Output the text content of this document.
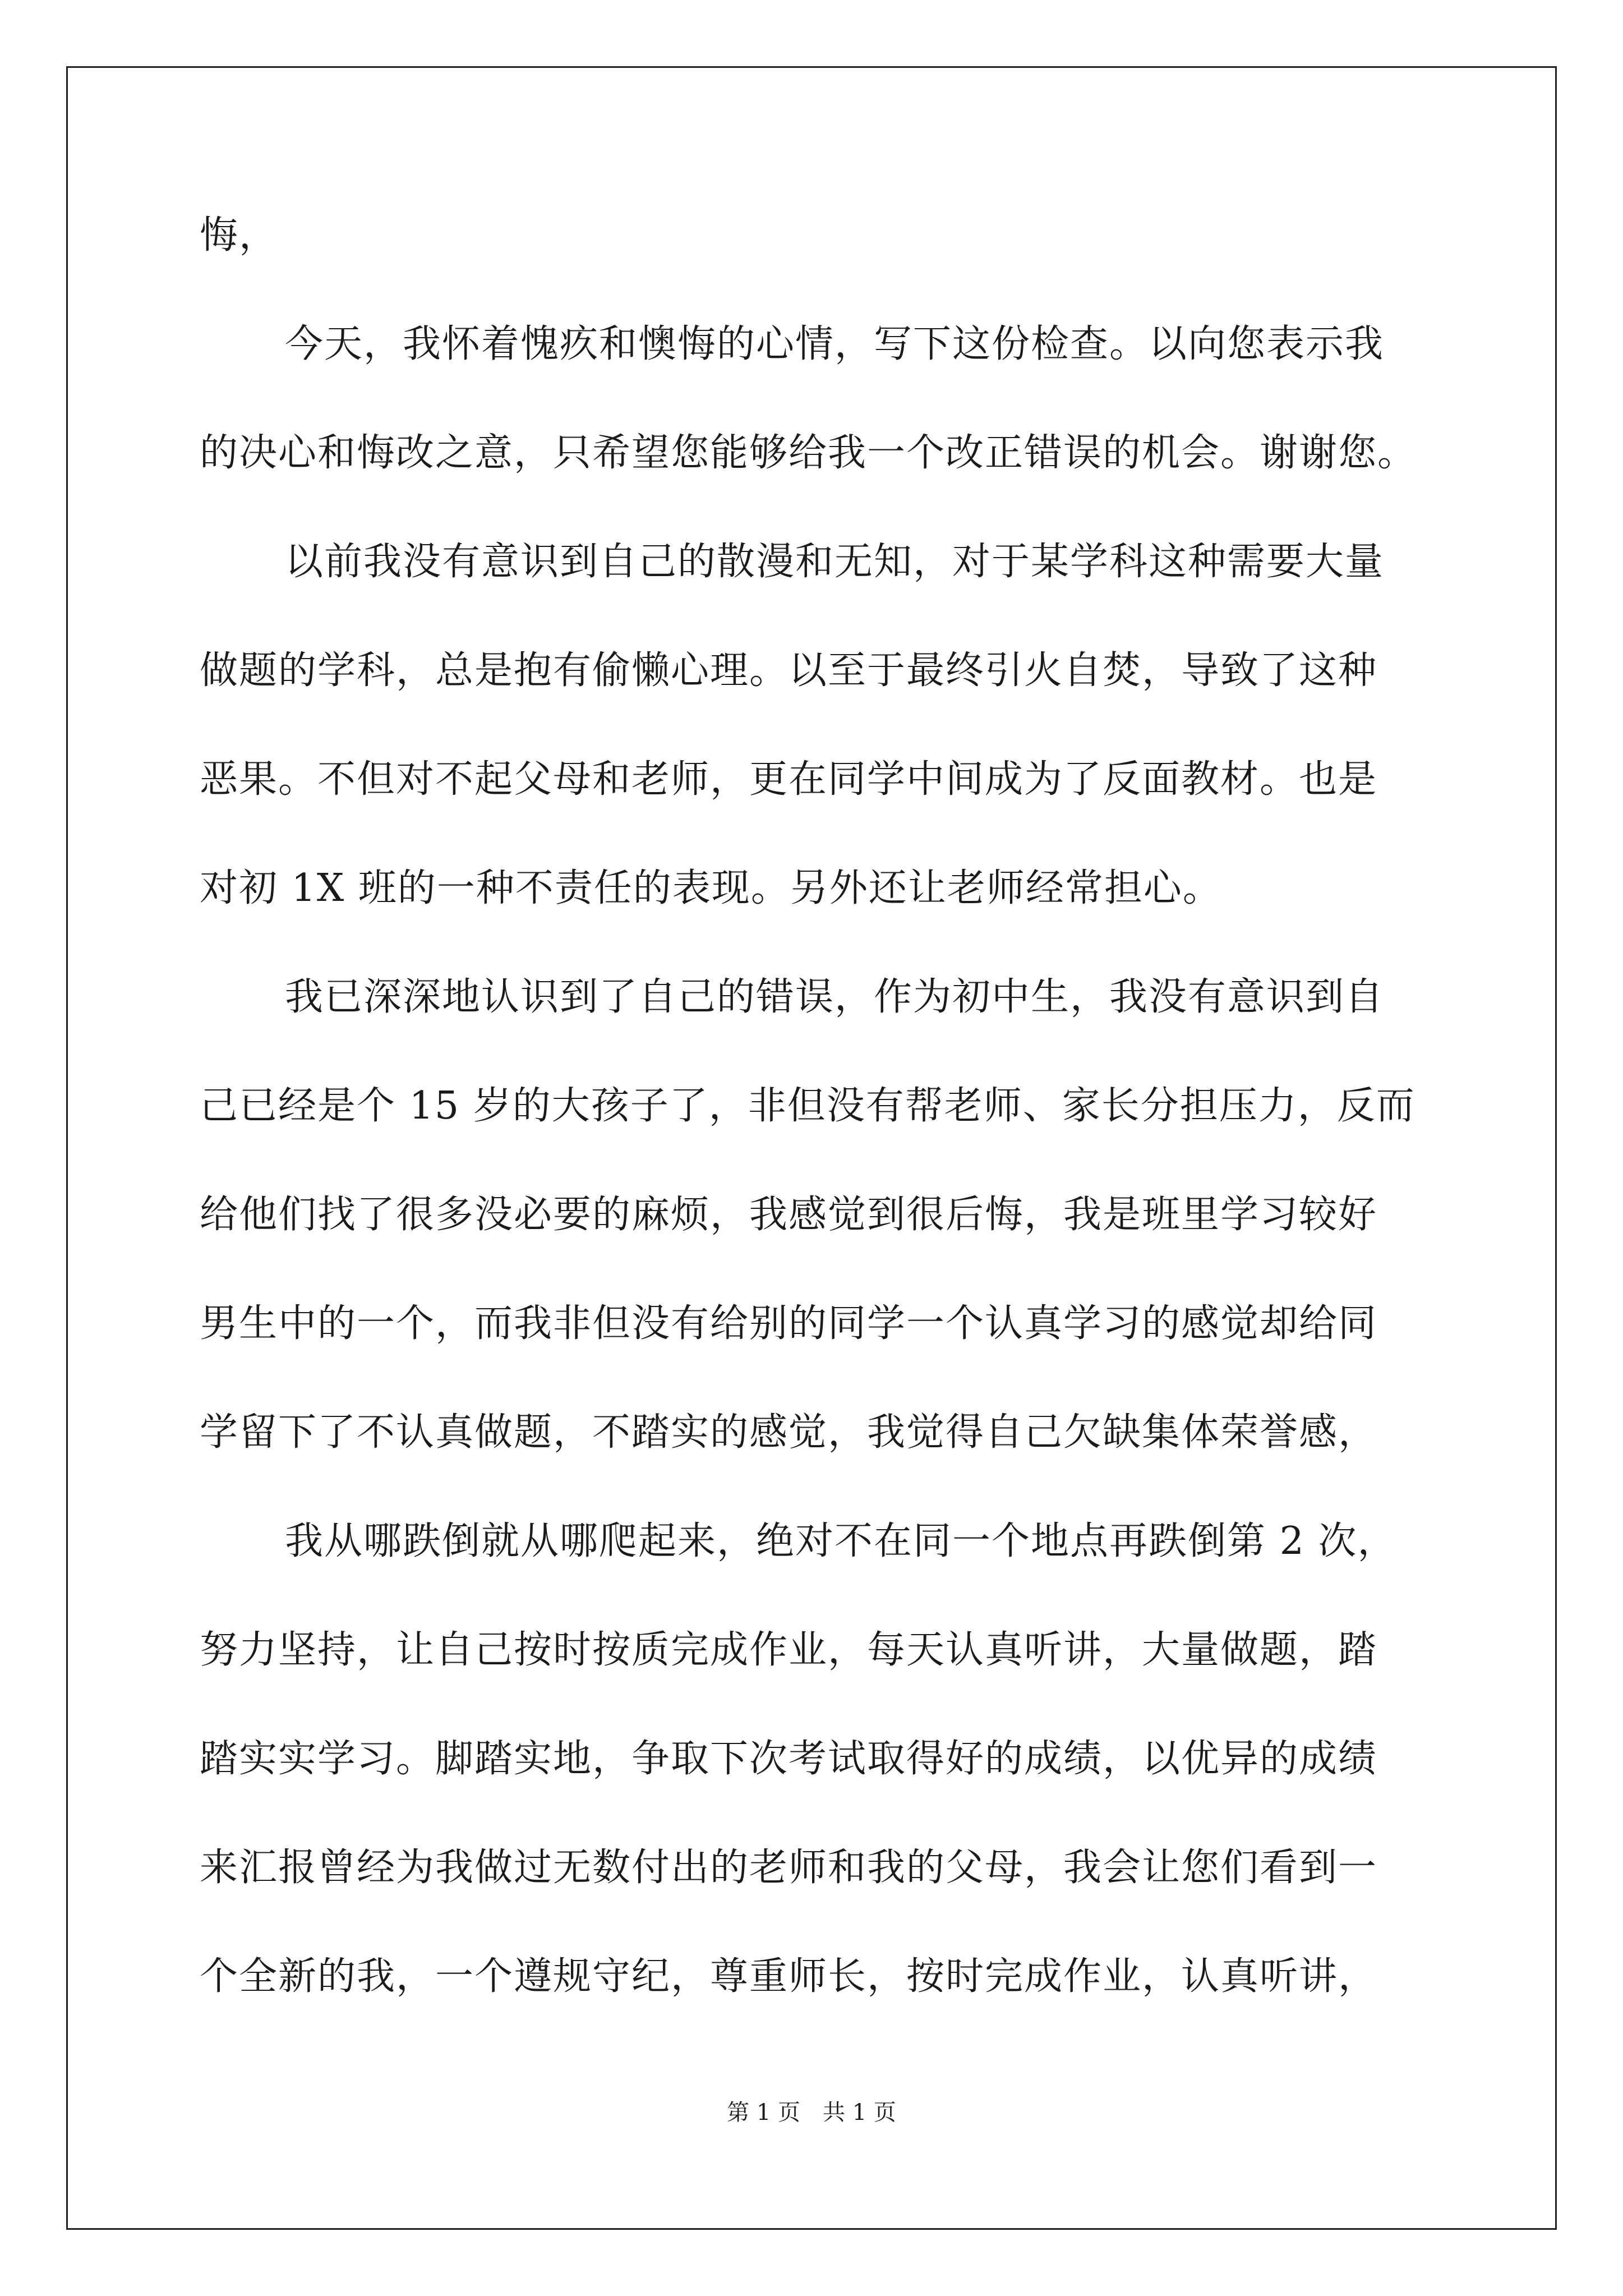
悔，
今天，我怀着愧疚和懊悔的心情，写下这份检查。以向您表示我
的决心和悔改之意，只希望您能够给我一个改正错误的机会。谢谢您。
以前我没有意识到自己的散漫和无知，对于某学科这种需要大量
做题的学科，总是抱有偷懒心理。以至于最终引火自焚，导致了这种
恶果。不但对不起父母和老师，更在同学中间成为了反面教材。也是
对初 1X 班的一种不责任的表现。另外还让老师经常担心。
我已深深地认识到了自己的错误，作为初中生，我没有意识到自
己已经是个 15 岁的大孩子了，非但没有帮老师、家长分担压力，反而
给他们找了很多没必要的麻烦，我感觉到很后悔，我是班里学习较好
男生中的一个，而我非但没有给别的同学一个认真学习的感觉却给同
学留下了不认真做题，不踏实的感觉，我觉得自己欠缺集体荣誉感，
我从哪跌倒就从哪爬起来，绝对不在同一个地点再跌倒第 2 次，
努力坚持，让自己按时按质完成作业，每天认真听讲，大量做题，踏
踏实实学习。脚踏实地，争取下次考试取得好的成绩，以优异的成绩
来汇报曾经为我做过无数付出的老师和我的父母，我会让您们看到一
个全新的我，一个遵规守纪，尊重师长，按时完成作业，认真听讲，
第 1 页　共 1 页
